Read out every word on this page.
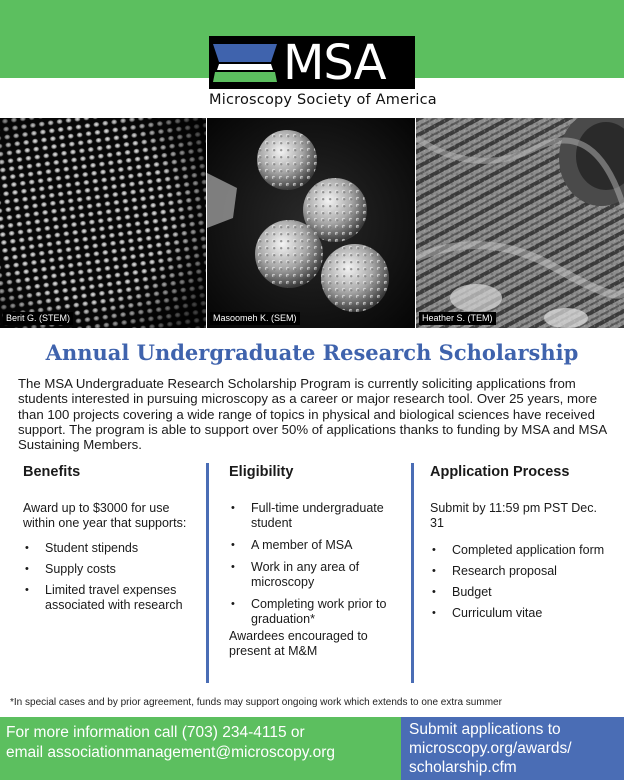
MSA
Microscopy Society of America
Berit G. (STEM)	Masoomeh K. (SEM)	Heather S. (TEM)
Annual Undergraduate Research Scholarship
The MSA Undergraduate Research Scholarship Program is currently soliciting applications from students interested in pursuing microscopy as a career or major research tool. Over 25 years, more than 100 projects covering a wide range of topics in physical and biological sciences have received support. The program is able to support over 50% of applications thanks to funding by MSA and MSA Sustaining Members.
Benefits

Award up to $3000 for use within one year that supports:

• Student stipends
• Supply costs
• Limited travel expenses associated with research
Eligibility
• Full-time undergraduate student
• A member of MSA
• Work in any area of microscopy
• Completing work prior to graduation*

Awardees encouraged to present at M&M

Application Process

Submit by 11:59 pm PST Dec. 31

• Completed application form
• Research proposal
• Budget
• Curriculum vitae
*In special cases and by prior agreement, funds may support ongoing work which extends to one extra summer
For more information call (703) 234-4115 or
email associationmanagement@microscopy.org
Submit applications to
microscopy.org/awards/
scholarship.cfm
